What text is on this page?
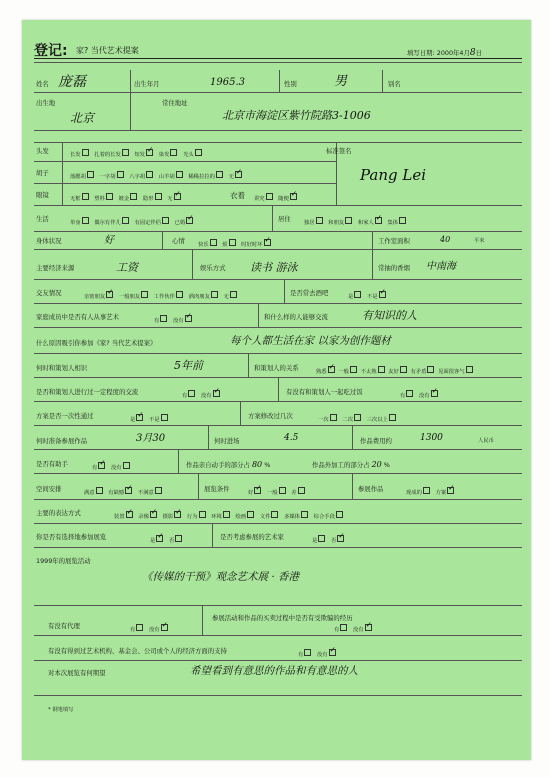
登记: 家? 当代艺术提案	填写日期: 2000年4月8日
姓名 庞磊	出生年月	1965.3	性别	男	别名
出生地
北京
常住地址
北京市海淀区紫竹院路3-1006
头发	长发	扎着的长发	短发 ✓	染发	光头
胡子	落腮胡	一字胡	八字胡	山羊胡	稀稀拉拉的	无✓
眼镜	无框	塑料	镀金	隐形	无 ✓	衣着 讲究	随便✓
标准签名
Pang Lei
生活	单身	偶尔有伴儿	有固定伴侣	已婚 ✓	居住 独居	和朋友	和家人 ✓	集体
身体状况	好	心情 快乐	烦	时好时坏 ✓	工作室面积	40	平米
主要经济来源	工资	娱乐方式 读书 游泳	常抽的香烟 中南海
交友情况	亲密朋友 ✓	一般朋友	工作伙伴	酒肉朋友	无	是否常去酒吧	是	不是✓
家庭成员中是否有人从事艺术	有	没有 ✓	和什么样的人能够交流	有知识的人
什么原因吸引你参加《家? 当代艺术提案》	每个人都生活在家 以家为创作题材
何时和策划人相识	5年前	和策划人的关系	熟悉 ✓ 一般 不太熟 友好 有矛盾 见面很客气
是否和策划人进行过一定程度的交流	有	没有 ✓	有没有和策划人一起吃过饭	有	没有✓
方案是否一次性通过	是 ✓	不是	方案修改过几次	一次	二次	三次以上
何时准备参展作品	3月30	何时进场	4.5	作品费用约	1300	人民币
是否有助手	有 ✓	没有	作品亲自动手的部分占 80 %	作品外加工的部分占 20 %
空间安排	满意	有缺憾 ✓	不满意	展览条件	好 ✓	一般	差	参展作品	现成的	方案✓
主要的表达方式	装置 ✓	录像 ✓	摄影 ✓	行为	环境	绘画	文件	多媒体	综合手段
你是否有选择地参加展览	是 ✓	否	是否考虑参展的艺术家	是	否✓
1999年的展览活动
《传媒的干预》观念艺术展 · 香港
有没有代理	有	没有✓
参展活动和作品的买卖过程中是否有受欺骗的经历
有	没有✓
有没有得到过艺术机构、基金会、公司或个人的经济方面的支持	有	没有✓
对本次展览有何期望	希望看到有意思的作品和有意思的人
* 钢笔填写
